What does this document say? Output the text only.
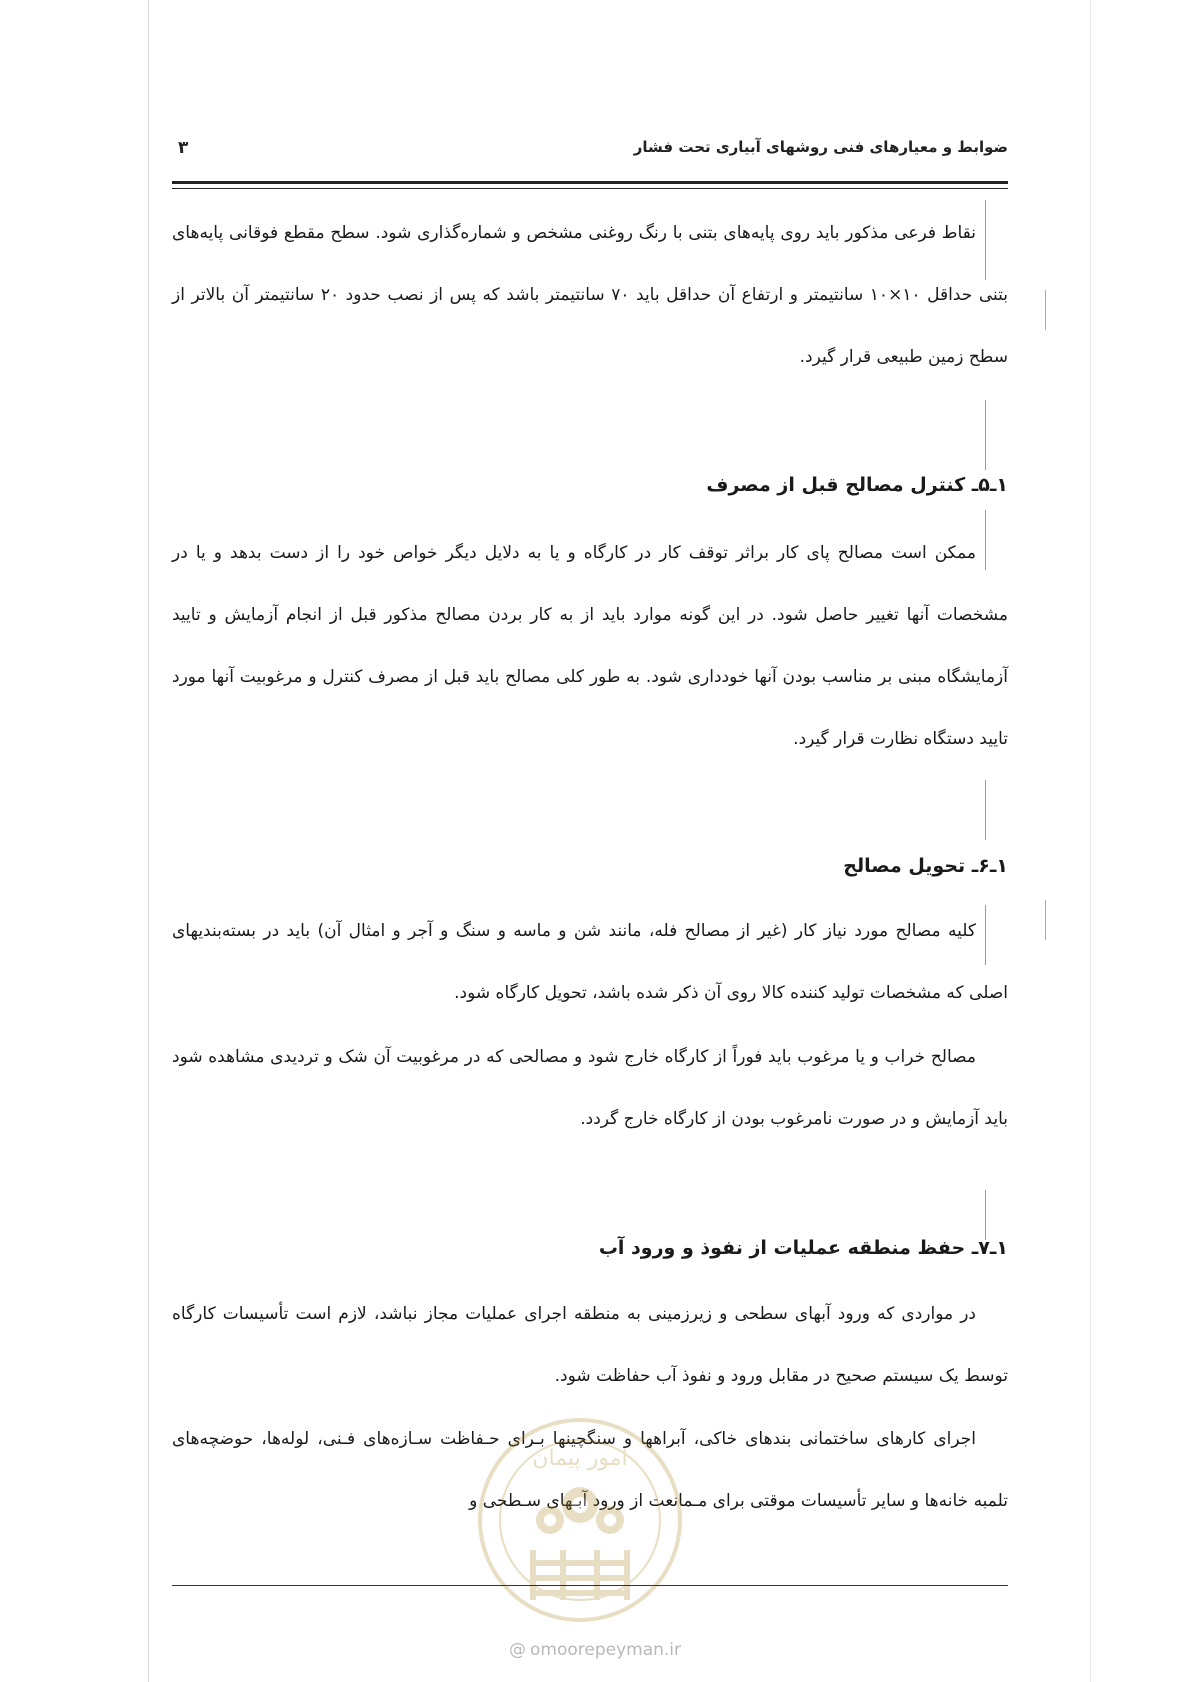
ضوابط و معیارهای فنی روشهای آبیاری تحت فشار
۳

نقاط فرعی مذکور باید روی پایه‌های بتنی با رنگ روغنی مشخص و شماره‌گذاری شود. سطح مقطع فوقانی پایه‌های بتنی حداقل ۱۰×۱۰ سانتیمتر و ارتفاع آن حداقل باید ۷۰ سانتیمتر باشد که پس از نصب حدود ۲۰ سانتیمتر آن بالاتر از سطح زمین طبیعی قرار گیرد.

۱ـ۵ـ کنترل مصالح قبل از مصرف

ممکن است مصالح پای کار براثر توقف کار در کارگاه و یا به دلایل دیگر خواص خود را از دست بدهد و یا در مشخصات آنها تغییر حاصل شود. در این گونه موارد باید از به کار بردن مصالح مذکور قبل از انجام آزمایش و تایید آزمایشگاه مبنی بر مناسب بودن آنها خودداری شود. به طور کلی مصالح باید قبل از مصرف کنترل و مرغوبیت آنها مورد تایید دستگاه نظارت قرار گیرد.

۱ـ۶ـ تحویل مصالح

کلیه مصالح مورد نیاز کار (غیر از مصالح فله، مانند شن و ماسه و سنگ و آجر و امثال آن) باید در بسته‌بندیهای اصلی که مشخصات تولید کننده کالا روی آن ذکر شده باشد، تحویل کارگاه شود.

مصالح خراب و یا مرغوب باید فوراً از کارگاه خارج شود و مصالحی که در مرغوبیت آن شک و تردیدی مشاهده شود باید آزمایش و در صورت نامرغوب بودن از کارگاه خارج گردد.

۱ـ۷ـ حفظ منطقه عملیات از نفوذ و ورود آب

در مواردی که ورود آبهای سطحی و زیرزمینی به منطقه اجرای عملیات مجاز نباشد، لازم است تأسیسات کارگاه توسط یک سیستم صحیح در مقابل ورود و نفوذ آب حفاظت شود.

اجرای کارهای ساختمانی بندهای خاکی، آبراهها و سنگچینها بـرای حـفاظت سـازه‌های فـنی، لوله‌ها، حوضچه‌های تلمبه خانه‌ها و سایر تأسیسات موقتی برای مـمانعت از ورود آبـهای سـطحی و

امور پیمان
@ omoorepeyman.ir
